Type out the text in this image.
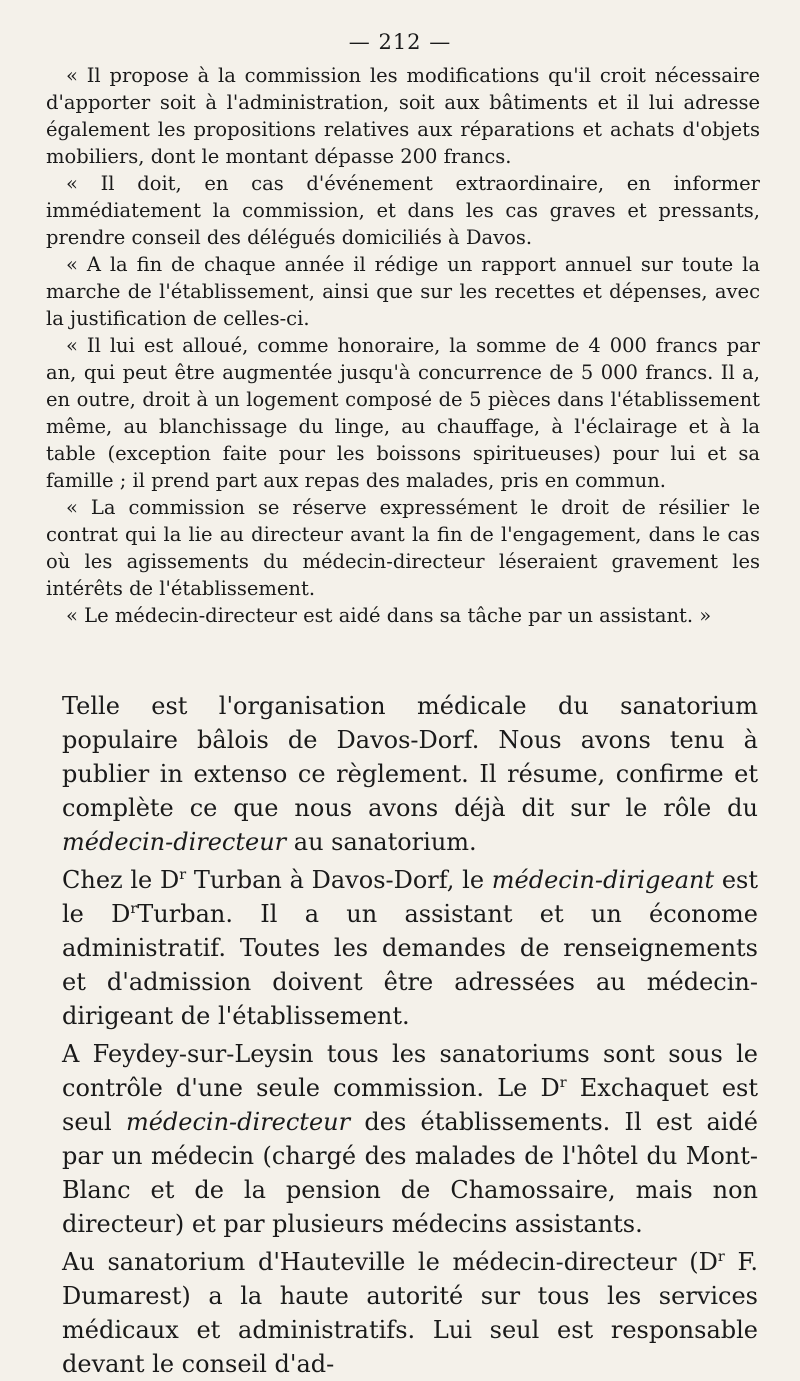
— 212 —

« Il propose à la commission les modifications qu'il croit nécessaire d'apporter soit à l'administration, soit aux bâtiments et il lui adresse également les propositions relatives aux réparations et achats d'objets mobiliers, dont le montant dépasse 200 francs.

« Il doit, en cas d'événement extraordinaire, en informer immédiatement la commission, et dans les cas graves et pressants, prendre conseil des délégués domiciliés à Davos.

« A la fin de chaque année il rédige un rapport annuel sur toute la marche de l'établissement, ainsi que sur les recettes et dépenses, avec la justification de celles-ci.

« Il lui est alloué, comme honoraire, la somme de 4 000 francs par an, qui peut être augmentée jusqu'à concurrence de 5 000 francs. Il a, en outre, droit à un logement composé de 5 pièces dans l'établissement même, au blanchissage du linge, au chauffage, à l'éclairage et à la table (exception faite pour les boissons spiritueuses) pour lui et sa famille ; il prend part aux repas des malades, pris en commun.

« La commission se réserve expressément le droit de résilier le contrat qui la lie au directeur avant la fin de l'engagement, dans le cas où les agissements du médecin-directeur léseraient gravement les intérêts de l'établissement.

« Le médecin-directeur est aidé dans sa tâche par un assistant. »

Telle est l'organisation médicale du sanatorium populaire bâlois de Davos-Dorf. Nous avons tenu à publier in extenso ce règlement. Il résume, confirme et complète ce que nous avons déjà dit sur le rôle du médecin-directeur au sanatorium.

Chez le $D^r$ Turban à Davos-Dorf, le médecin-dirigeant est le $D^rTurban$. Il a un assistant et un économe administratif. Toutes les demandes de renseignements et d'admission doivent être adressées au médecin-dirigeant de l'établissement.

A Feydey-sur-Leysin tous les sanatoriums sont sous le contrôle d'une seule commission. Le $D^r$ Exchaquet est seul médecin-directeur des établissements. Il est aidé par un médecin (chargé des malades de l'hôtel du Mont-Blanc et de la pension de Chamossaire, mais non directeur) et par plusieurs médecins assistants.

Au sanatorium d'Hauteville le médecin-directeur ($D^r$ F. Dumarest) a la haute autorité sur tous les services médicaux et administratifs. Lui seul est responsable devant le conseil d'ad-
